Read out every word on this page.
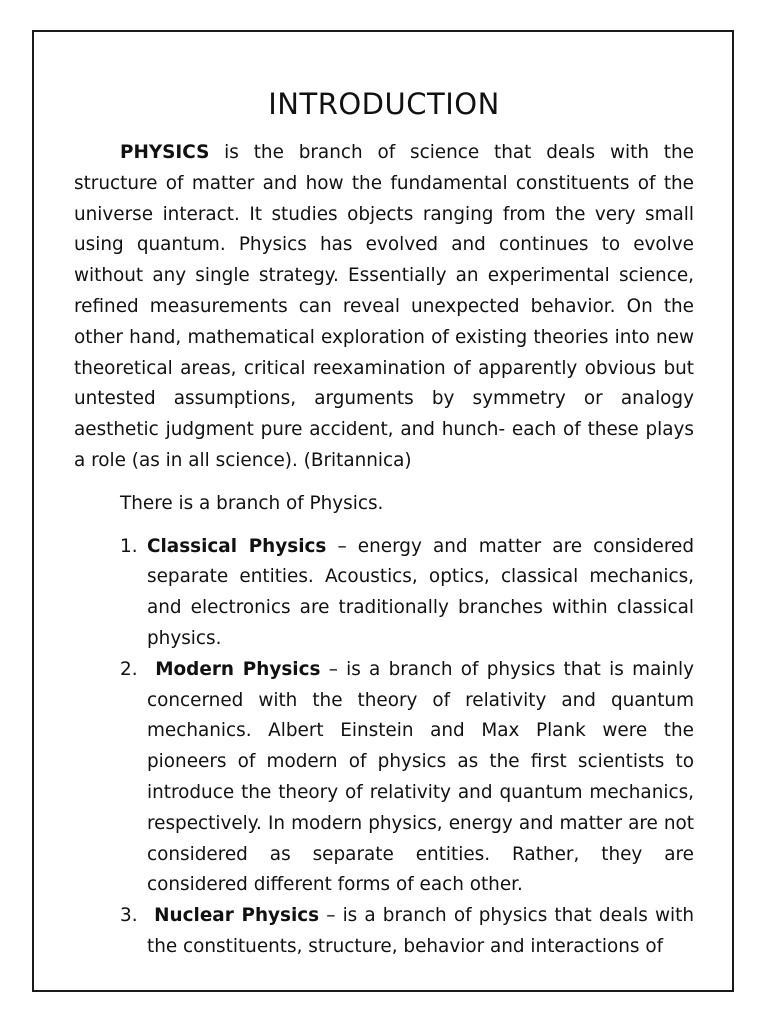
INTRODUCTION

PHYSICS is the branch of science that deals with the structure of matter and how the fundamental constituents of the universe interact. It studies objects ranging from the very small using quantum. Physics has evolved and continues to evolve without any single strategy. Essentially an experimental science, refined measurements can reveal unexpected behavior. On the other hand, mathematical exploration of existing theories into new theoretical areas, critical reexamination of apparently obvious but untested assumptions, arguments by symmetry or analogy aesthetic judgment pure accident, and hunch- each of these plays a role (as in all science). (Britannica)

There is a branch of Physics.

1. Classical Physics – energy and matter are considered separate entities. Acoustics, optics, classical mechanics, and electronics are traditionally branches within classical physics.
2. Modern Physics – is a branch of physics that is mainly concerned with the theory of relativity and quantum mechanics. Albert Einstein and Max Plank were the pioneers of modern of physics as the first scientists to introduce the theory of relativity and quantum mechanics, respectively. In modern physics, energy and matter are not considered as separate entities. Rather, they are considered different forms of each other.
3. Nuclear Physics – is a branch of physics that deals with the constituents, structure, behavior and interactions of
